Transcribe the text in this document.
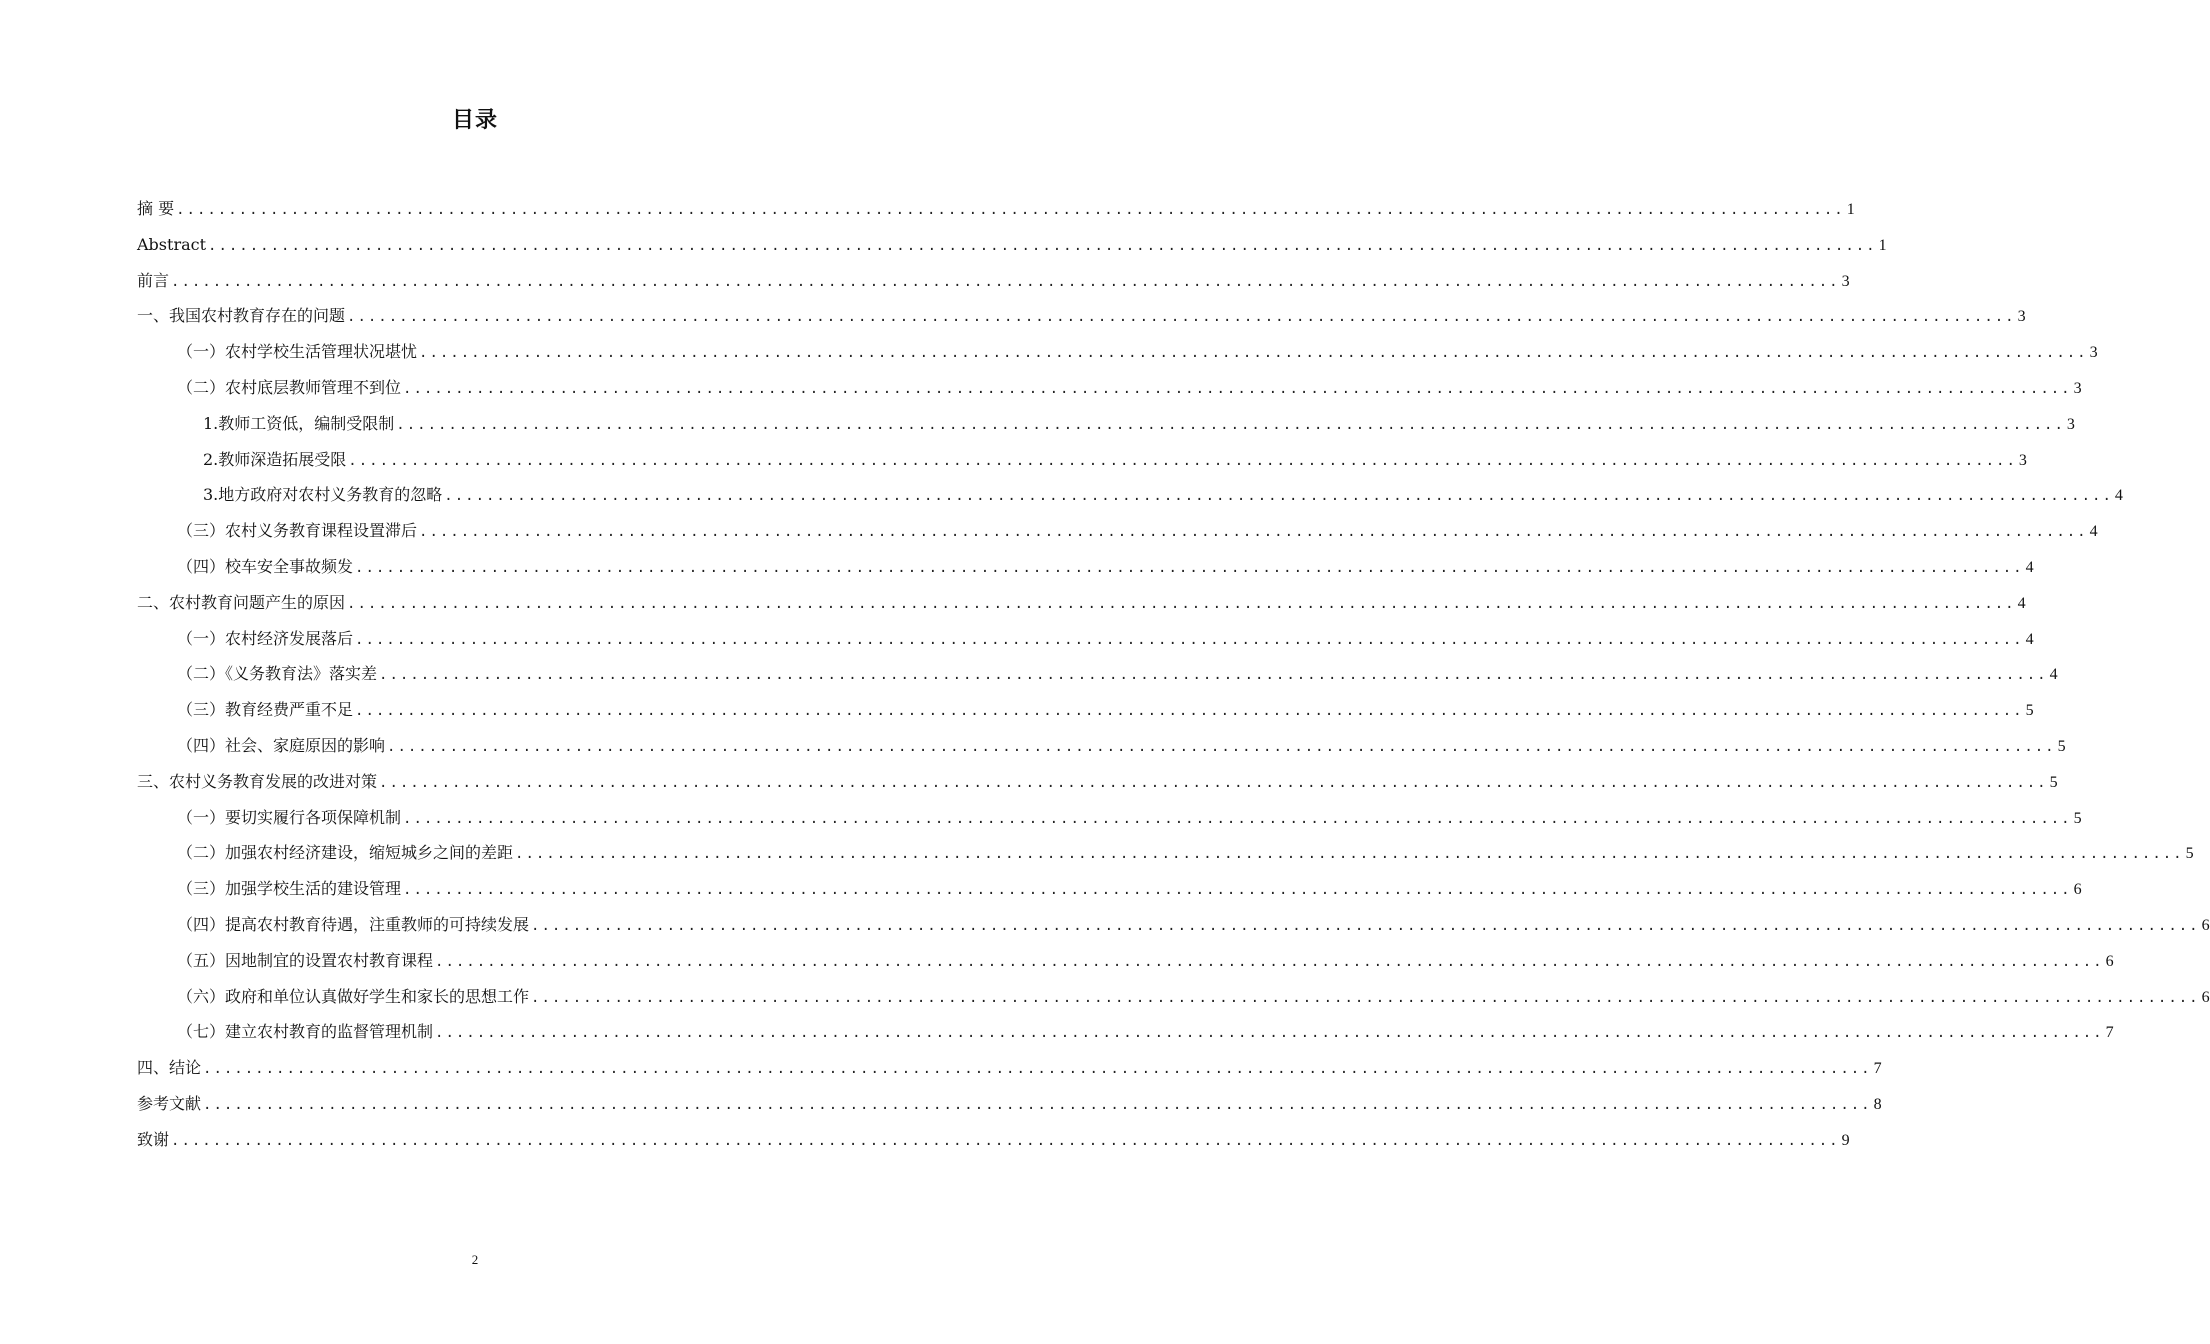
目录
摘 要 ................................................................................................................................................................ 1
Abstract ................................................................................................................................................................ 1
前言 ................................................................................................................................................................ 3
一、我国农村教育存在的问题 ................................................................................................................................................................ 3
（一）农村学校生活管理状况堪忧 ................................................................................................................................................................ 3
（二）农村底层教师管理不到位 ................................................................................................................................................................ 3
1.教师工资低，编制受限制 ................................................................................................................................................................ 3
2.教师深造拓展受限 ................................................................................................................................................................ 3
3.地方政府对农村义务教育的忽略 ................................................................................................................................................................ 4
（三）农村义务教育课程设置滞后 ................................................................................................................................................................ 4
（四）校车安全事故频发 ................................................................................................................................................................ 4
二、农村教育问题产生的原因 ................................................................................................................................................................ 4
（一）农村经济发展落后 ................................................................................................................................................................ 4
（二）《义务教育法》落实差 ................................................................................................................................................................ 4
（三）教育经费严重不足 ................................................................................................................................................................ 5
（四）社会、家庭原因的影响 ................................................................................................................................................................ 5
三、农村义务教育发展的改进对策 ................................................................................................................................................................ 5
（一）要切实履行各项保障机制 ................................................................................................................................................................ 5
（二）加强农村经济建设，缩短城乡之间的差距 ................................................................................................................................................................ 5
（三）加强学校生活的建设管理 ................................................................................................................................................................ 6
（四）提高农村教育待遇，注重教师的可持续发展 ................................................................................................................................................................ 6
（五）因地制宜的设置农村教育课程 ................................................................................................................................................................ 6
（六）政府和单位认真做好学生和家长的思想工作 ................................................................................................................................................................ 6
（七）建立农村教育的监督管理机制 ................................................................................................................................................................ 7
四、结论 ................................................................................................................................................................ 7
参考文献 ................................................................................................................................................................ 8
致谢 ................................................................................................................................................................ 9
2
